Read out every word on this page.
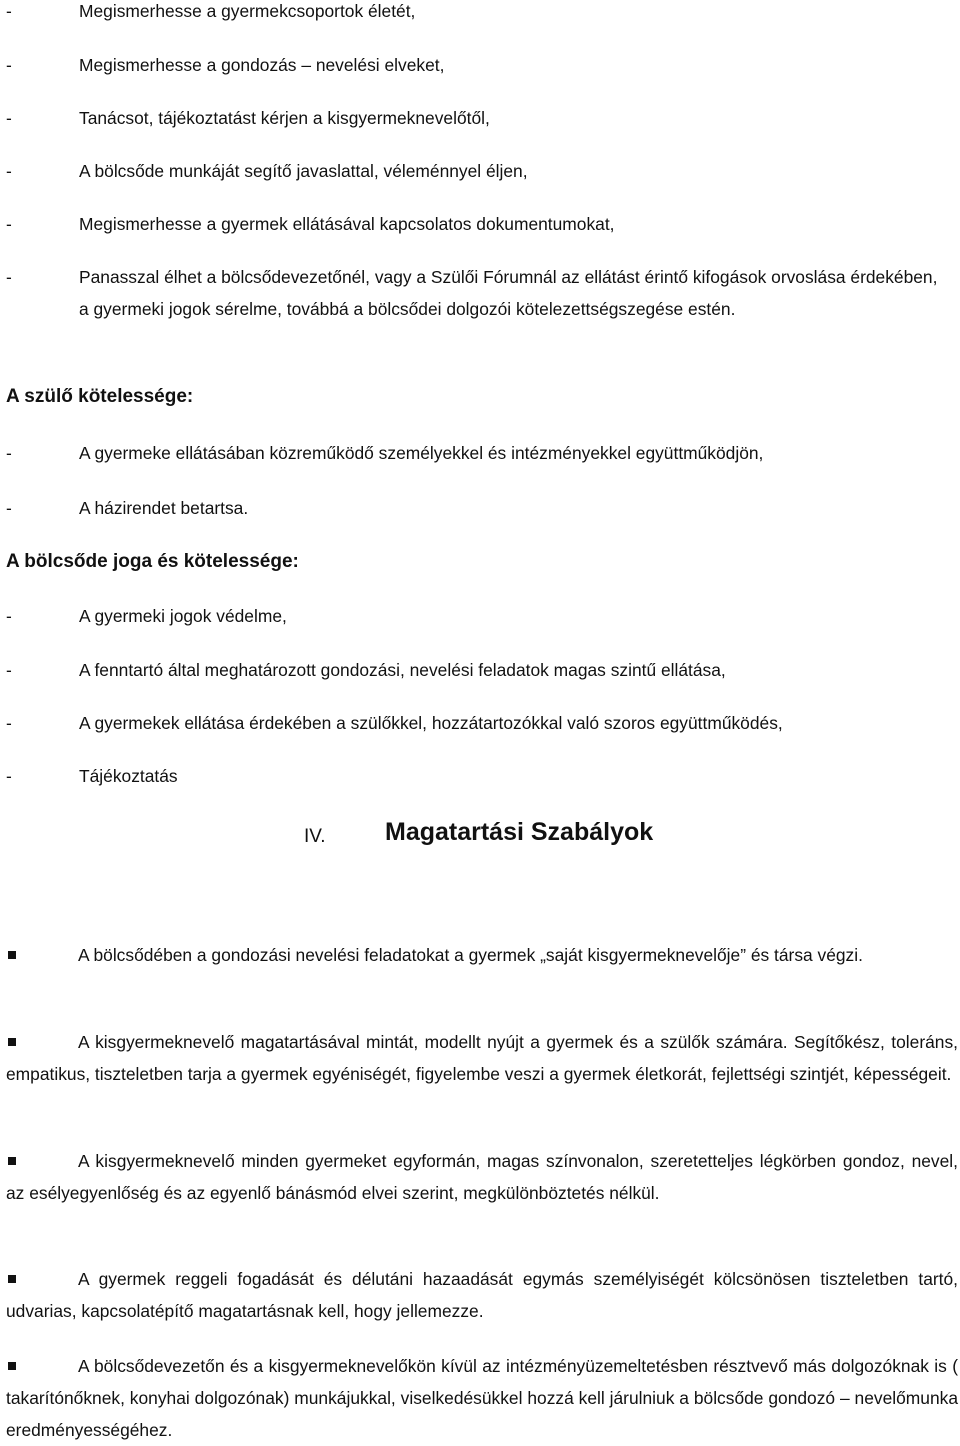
-	Megismerhesse a gyermekcsoportok életét,
-	Megismerhesse a gondozás – nevelési elveket,
-	Tanácsot, tájékoztatást kérjen a kisgyermeknevelőtől,
-	A bölcsőde munkáját segítő javaslattal, véleménnyel éljen,
-	Megismerhesse a gyermek ellátásával kapcsolatos dokumentumokat,
-	Panasszal élhet a bölcsődevezetőnél, vagy a Szülői Fórumnál az ellátást érintő kifogások orvoslása érdekében, a gyermeki jogok sérelme, továbbá a bölcsődei dolgozói kötelezettségszegése estén.
A szülő kötelessége:
-	A gyermeke ellátásában közreműködő személyekkel és intézményekkel együttműködjön,
-	A házirendet betartsa.
A bölcsőde joga és kötelessége:
-	A gyermeki jogok védelme,
-	A fenntartó által meghatározott gondozási, nevelési feladatok magas szintű ellátása,
-	A gyermekek ellátása érdekében a szülőkkel, hozzátartozókkal való szoros együttműködés,
-	Tájékoztatás
IV. Magatartási Szabályok
A bölcsődében a gondozási nevelési feladatokat a gyermek „saját kisgyermeknevelője” és társa végzi.
A kisgyermeknevelő magatartásával mintát, modellt nyújt a gyermek és a szülők számára. Segítőkész, toleráns, empatikus, tiszteletben tarja a gyermek egyéniségét, figyelembe veszi a gyermek életkorát, fejlettségi szintjét, képességeit.
A kisgyermeknevelő minden gyermeket egyformán, magas színvonalon, szeretetteljes légkörben gondoz, nevel, az esélyegyenlőség és az egyenlő bánásmód elvei szerint, megkülönböztetés nélkül.
A gyermek reggeli fogadását és délutáni hazaadását egymás személyiségét kölcsönösen tiszteletben tartó, udvarias, kapcsolatépítő magatartásnak kell, hogy jellemezze.
A bölcsődevezetőn és a kisgyermeknevelőkön kívül az intézményüzemeltetésben résztvevő más dolgozóknak is ( takarítónőknek, konyhai dolgozónak) munkájukkal, viselkedésükkel hozzá kell járulniuk a bölcsőde gondozó – nevelőmunka eredményességéhez.
